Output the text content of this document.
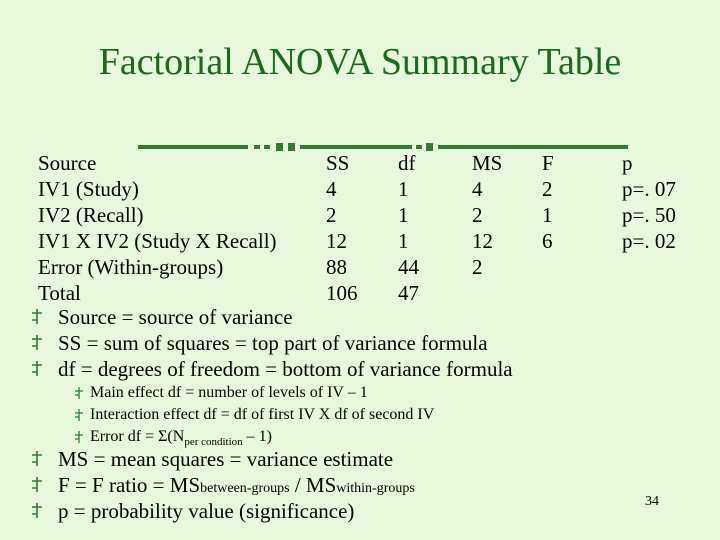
Factorial ANOVA Summary Table
Source	SS	df	MS	F	p
IV1 (Study)	4	1	4	2	p=. 07
IV2 (Recall)	2	1	2	1	p=. 50
IV1 X IV2 (Study X Recall)	12	1	12	6	p=. 02
Error (Within-groups)	88	44	2		
Total	106	47			
Source = source of variance
SS = sum of squares = top part of variance formula
df = degrees of freedom = bottom of variance formula
Main effect df = number of levels of IV – 1
Interaction effect df = df of first IV X df of second IV
Error df = $\Sigma(N_{per condition} - 1)$
MS = mean squares = variance estimate
F = F ratio = MSbetween-groups / MSwithin-groups
p = probability value (significance)	34
